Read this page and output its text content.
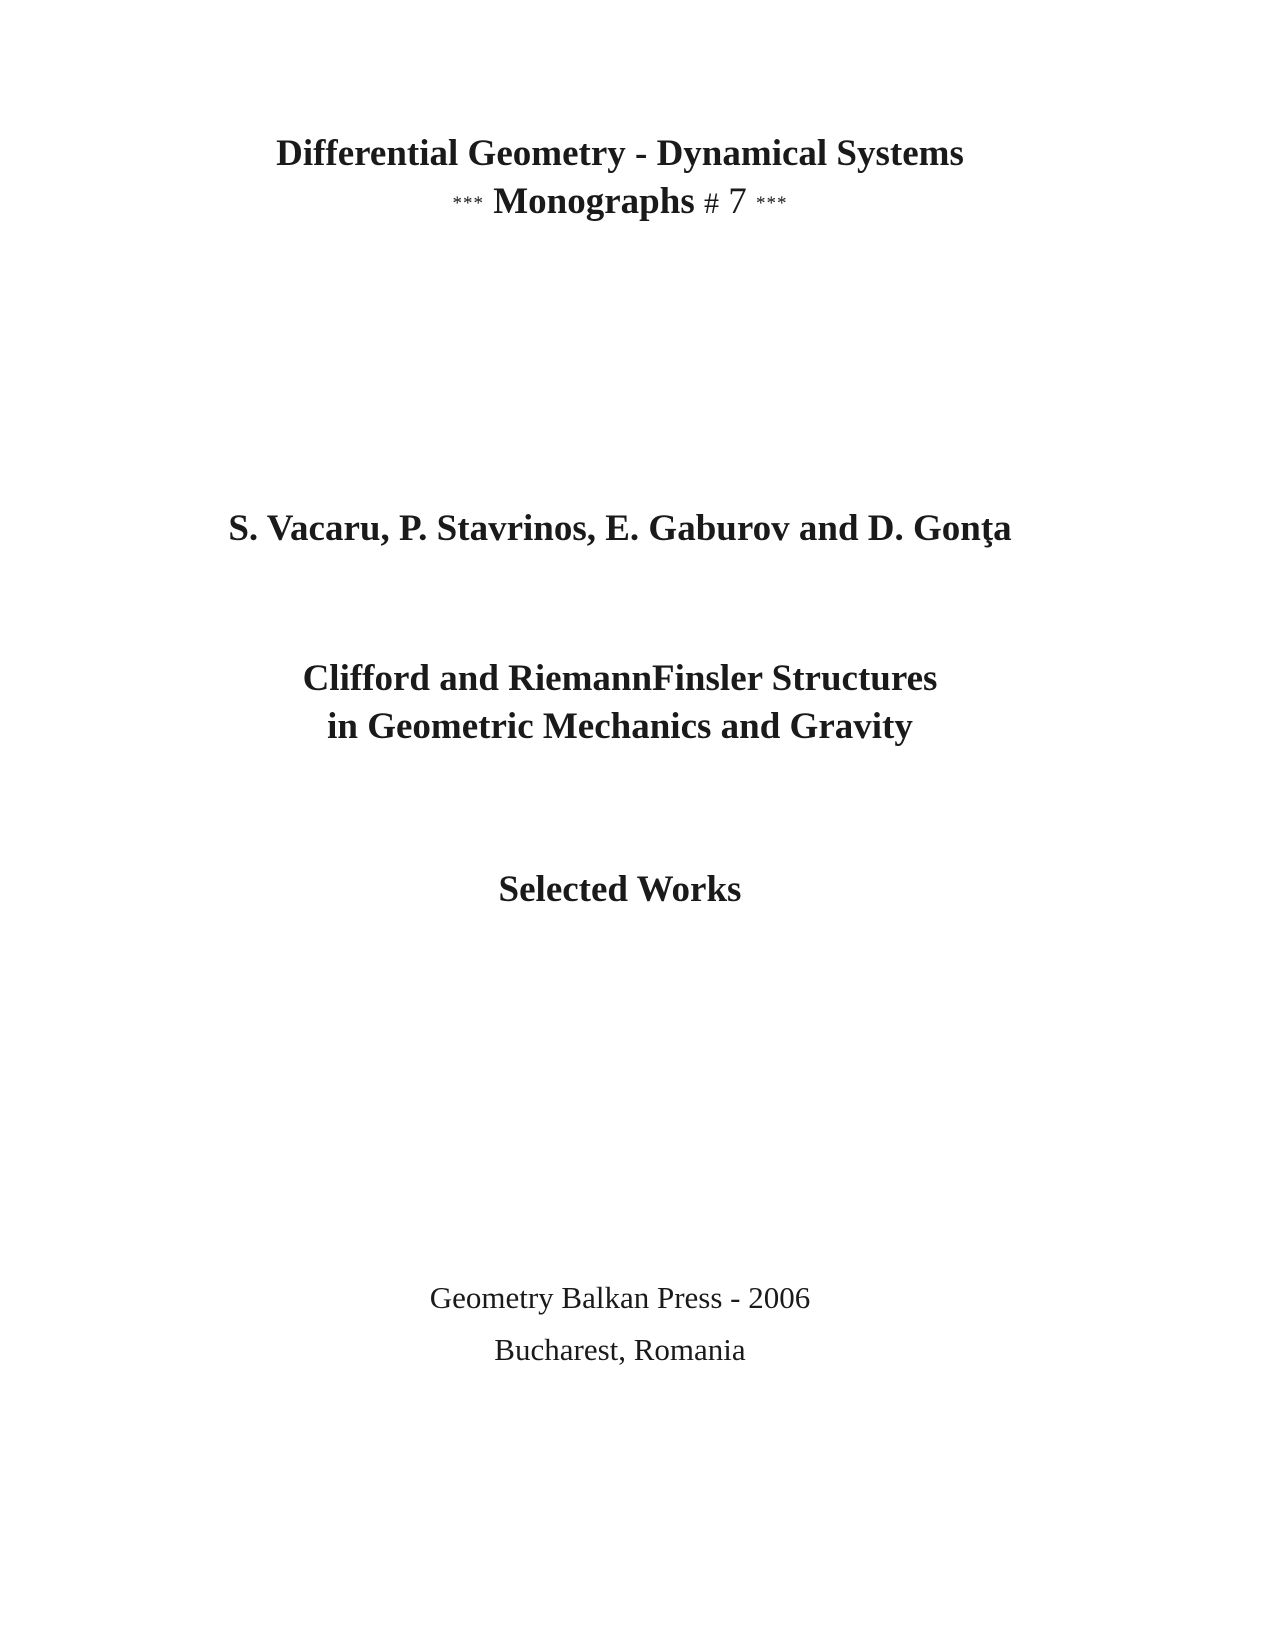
Differential Geometry - Dynamical Systems
*** Monographs # 7 ***
S. Vacaru, P. Stavrinos, E. Gaburov and D. Gonţa
Clifford and RiemannFinsler Structures
in Geometric Mechanics and Gravity
Selected Works
Geometry Balkan Press - 2006
Bucharest, Romania
